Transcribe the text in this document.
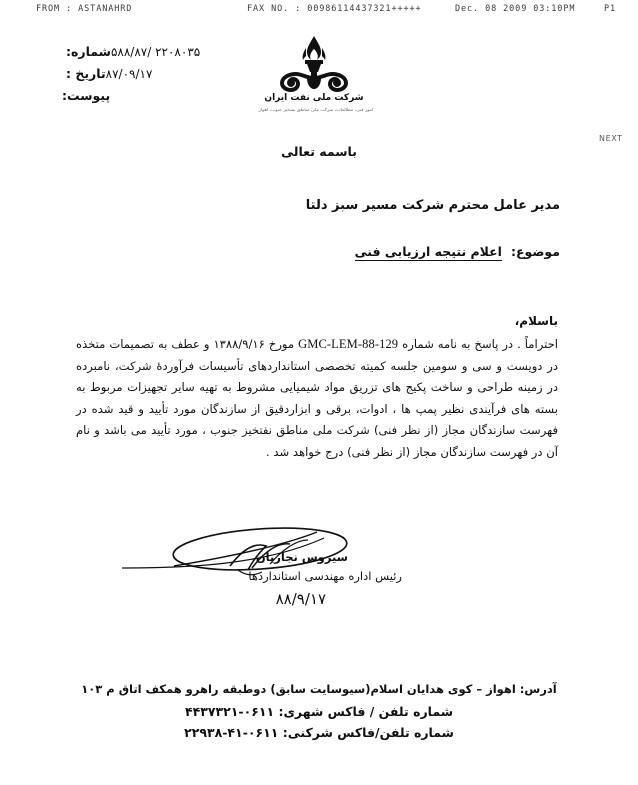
FROM : ASTANAHRD	FAX NO. : 00986114437321+++++	Dec. 08 2009 03:10PM	P1
NEXT
شرکت ملی نفت ایران
امور فنی، مطالعات، شرکت ملی مناطق نفتخیز جنوب، اهواز
شماره: ۲۲۰۸۰۳۵ /۵۸۸/۸۷
تاریخ : ۸۷/۰۹/۱۷
پیوست:
باسمه تعالی
مدیر عامل محترم شرکت مسیر سبز دلتا
موضوع:
اعلام نتیجه ارزیابی فنی
باسلام،

احتراماً . در پاسخ به نامه شماره GMC-LEM-88-129 مورخ ۱۳۸۸/۹/۱۶ و عطف به تصمیمات متخذه در دویست و سی و سومین جلسه کمیته تخصصی استانداردهای تأسیسات فرآوردهٔ شرکت، نامبرده در زمینه طراحی و ساخت پکیج های تزریق مواد شیمیایی مشروط به تهیه سایر تجهیزات مربوط به بسته های فرآیندی نظیر پمپ ها ، ادوات، برقی و ابزاردقیق از سازندگان مورد تأیید و قید شده در فهرست سازندگان مجاز (از نظر فنی) شرکت ملی مناطق نفتخیز جنوب ، مورد تأیید می باشد و نام آن در فهرست سازندگان مجاز (از نظر فنی) درج خواهد شد .

سیروس نجاریان
رئیس اداره مهندسی استانداردها
۸۸/۹/۱۷
آدرس: اهواز – کوی هدایان اسلام(سیوسایت سابق) دوطبقه راهرو همکف اتاق م ۱۰۳
شماره تلفن / فاکس شهری: ۰۶۱۱-۴۴۳۷۳۲۱
شماره تلفن/فاکس شرکنی: ۰۶۱۱-۴۱-۲۲۹۳۸
